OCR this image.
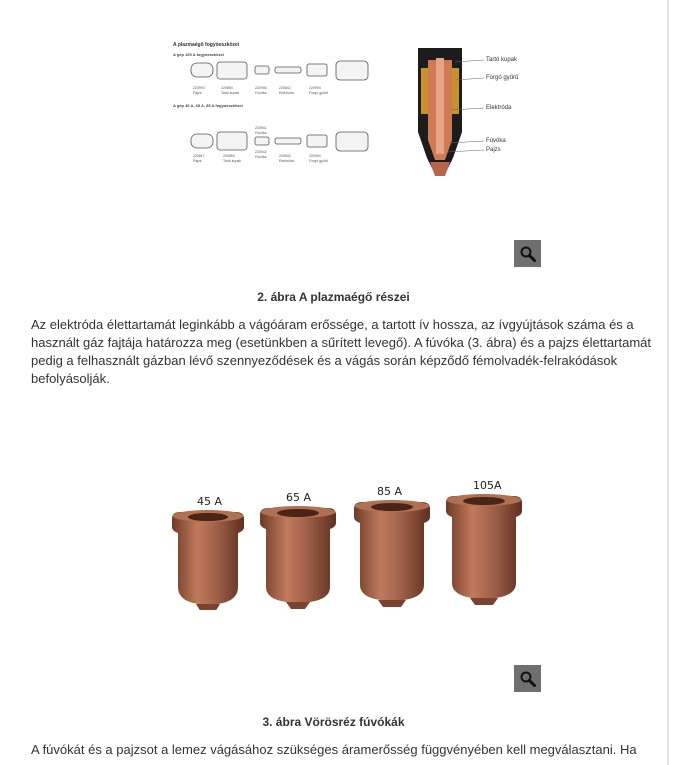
A plazmaégő fogyóeszközei
A gép 105 A fogyóeszközei
A gép 45 A, 65 A, 85 A fogyóeszközei
Tartó kupak
Forgó gyűrű
Elektróda
Fúvóka
Pajzs
220993
Pajzs
220854
Tartó kupak
220990
Fúvóka
220842
Elektróda
220994
Forgó gyűrű
220817
Pajzs
220854
Tartó kupak
220941
Fúvóka
220942
Fúvóka	220842
Elektróda
220994
Forgó gyűrű
2. ábra A plazmaégő részei
Az elektróda élettartamát leginkább a vágóáram erőssége, a tartott ív hossza, az ívgyújtások száma és a használt gáz fajtája határozza meg (esetünkben a sűrített levegő). A fúvóka (3. ábra) és a pajzs élettartamát pedig a felhasznált gázban lévő szennyeződések és a vágás során képződő fémolvadék-felrakódások befolyásolják.
45 A	65 A	85 A	105A
3. ábra Vörösréz fúvókák
A fúvókát és a pajzsot a lemez vágásához szükséges áramerősség függvényében kell megválasztani. Ha
